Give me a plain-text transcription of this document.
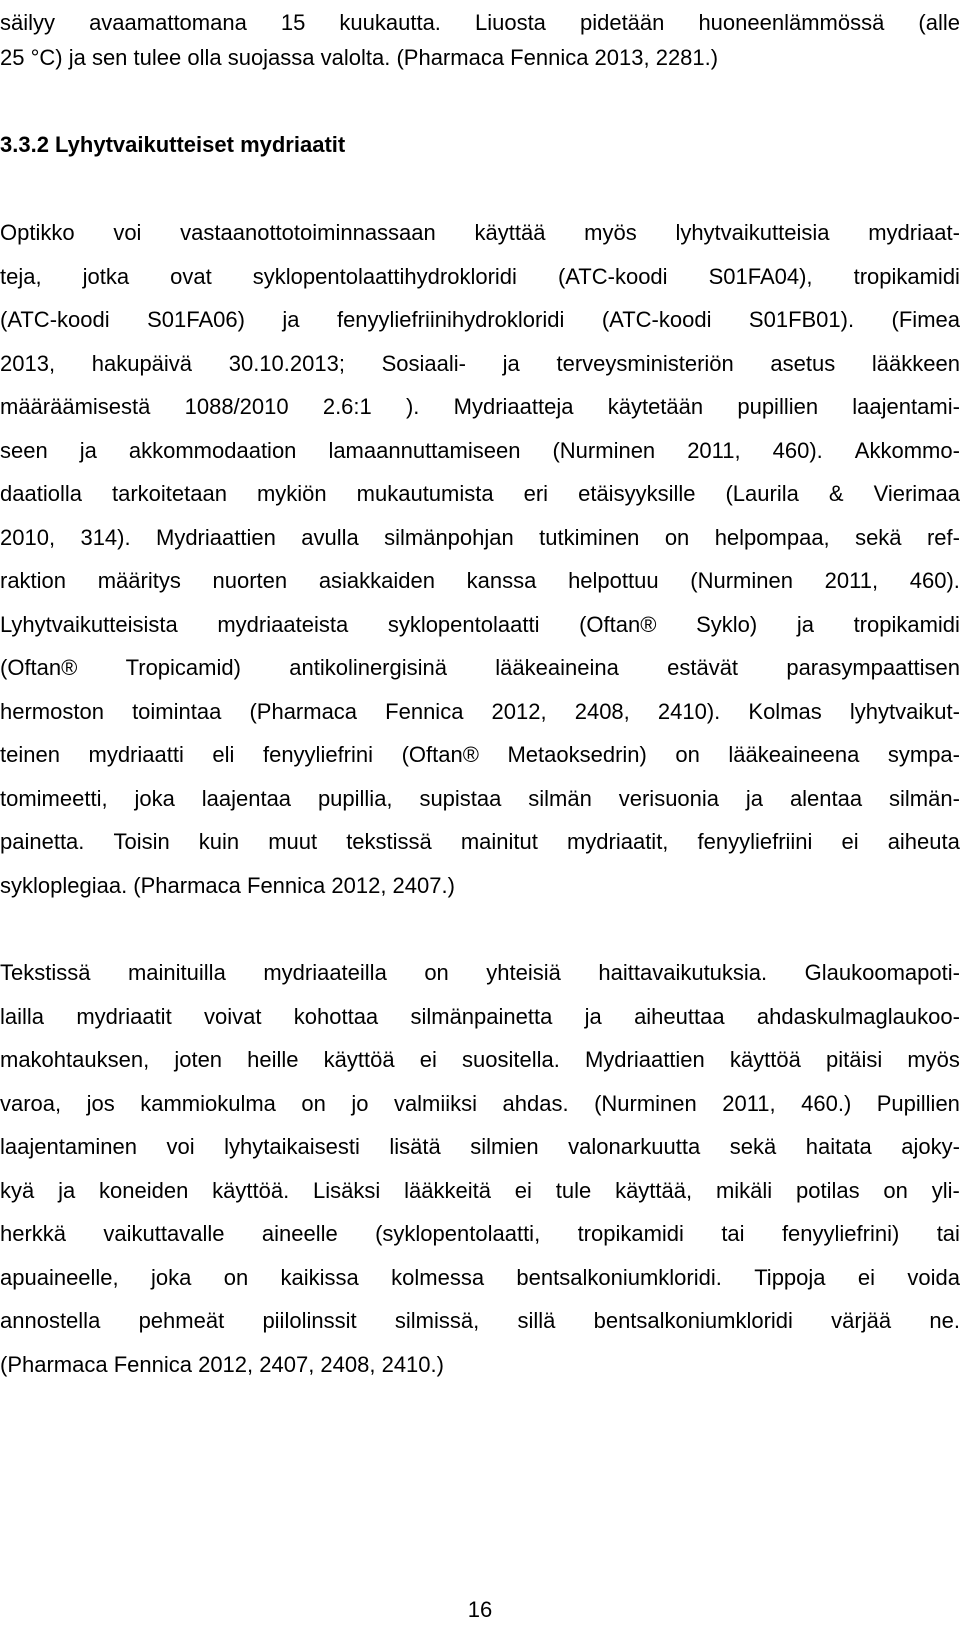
säilyy avaamattomana 15 kuukautta. Liuosta pidetään huoneenlämmössä (alle
25 °C) ja sen tulee olla suojassa valolta. (Pharmaca Fennica 2013, 2281.)
3.3.2 Lyhytvaikutteiset mydriaatit
Optikko voi vastaanottotoiminnassaan käyttää myös lyhytvaikutteisia mydriaat-
teja, jotka ovat syklopentolaattihydrokloridi (ATC-koodi S01FA04), tropikamidi
(ATC-koodi S01FA06) ja fenyyliefriinihydrokloridi (ATC-koodi S01FB01). (Fimea
2013, hakupäivä 30.10.2013; Sosiaali- ja terveysministeriön asetus lääkkeen
määräämisestä 1088/2010 2.6:1 ). Mydriaatteja käytetään pupillien laajentami-
seen ja akkommodaation lamaannuttamiseen (Nurminen 2011, 460). Akkommo-
daatiolla tarkoitetaan mykiön mukautumista eri etäisyyksille (Laurila & Vierimaa
2010, 314). Mydriaattien avulla silmänpohjan tutkiminen on helpompaa, sekä ref-
raktion määritys nuorten asiakkaiden kanssa helpottuu (Nurminen 2011, 460).
Lyhytvaikutteisista mydriaateista syklopentolaatti (Oftan® Syklo) ja tropikamidi
(Oftan® Tropicamid) antikolinergisinä lääkeaineina estävät parasympaattisen
hermoston toimintaa (Pharmaca Fennica 2012, 2408, 2410). Kolmas lyhytvaikut-
teinen mydriaatti eli fenyyliefrini (Oftan® Metaoksedrin) on lääkeaineena sympa-
tomimeetti, joka laajentaa pupillia, supistaa silmän verisuonia ja alentaa silmän-
painetta. Toisin kuin muut tekstissä mainitut mydriaatit, fenyyliefriini ei aiheuta
sykloplegiaa. (Pharmaca Fennica 2012, 2407.)
Tekstissä mainituilla mydriaateilla on yhteisiä haittavaikutuksia. Glaukoomapoti-
lailla mydriaatit voivat kohottaa silmänpainetta ja aiheuttaa ahdaskulmaglaukoo-
makohtauksen, joten heille käyttöä ei suositella. Mydriaattien käyttöä pitäisi myös
varoa, jos kammiokulma on jo valmiiksi ahdas. (Nurminen 2011, 460.) Pupillien
laajentaminen voi lyhytaikaisesti lisätä silmien valonarkuutta sekä haitata ajoky-
kyä ja koneiden käyttöä. Lisäksi lääkkeitä ei tule käyttää, mikäli potilas on yli-
herkkä vaikuttavalle aineelle (syklopentolaatti, tropikamidi tai fenyyliefrini) tai
apuaineelle, joka on kaikissa kolmessa bentsalkoniumkloridi. Tippoja ei voida
annostella pehmeät piilolinssit silmissä, sillä bentsalkoniumkloridi värjää ne.
(Pharmaca Fennica 2012, 2407, 2408, 2410.)
16
